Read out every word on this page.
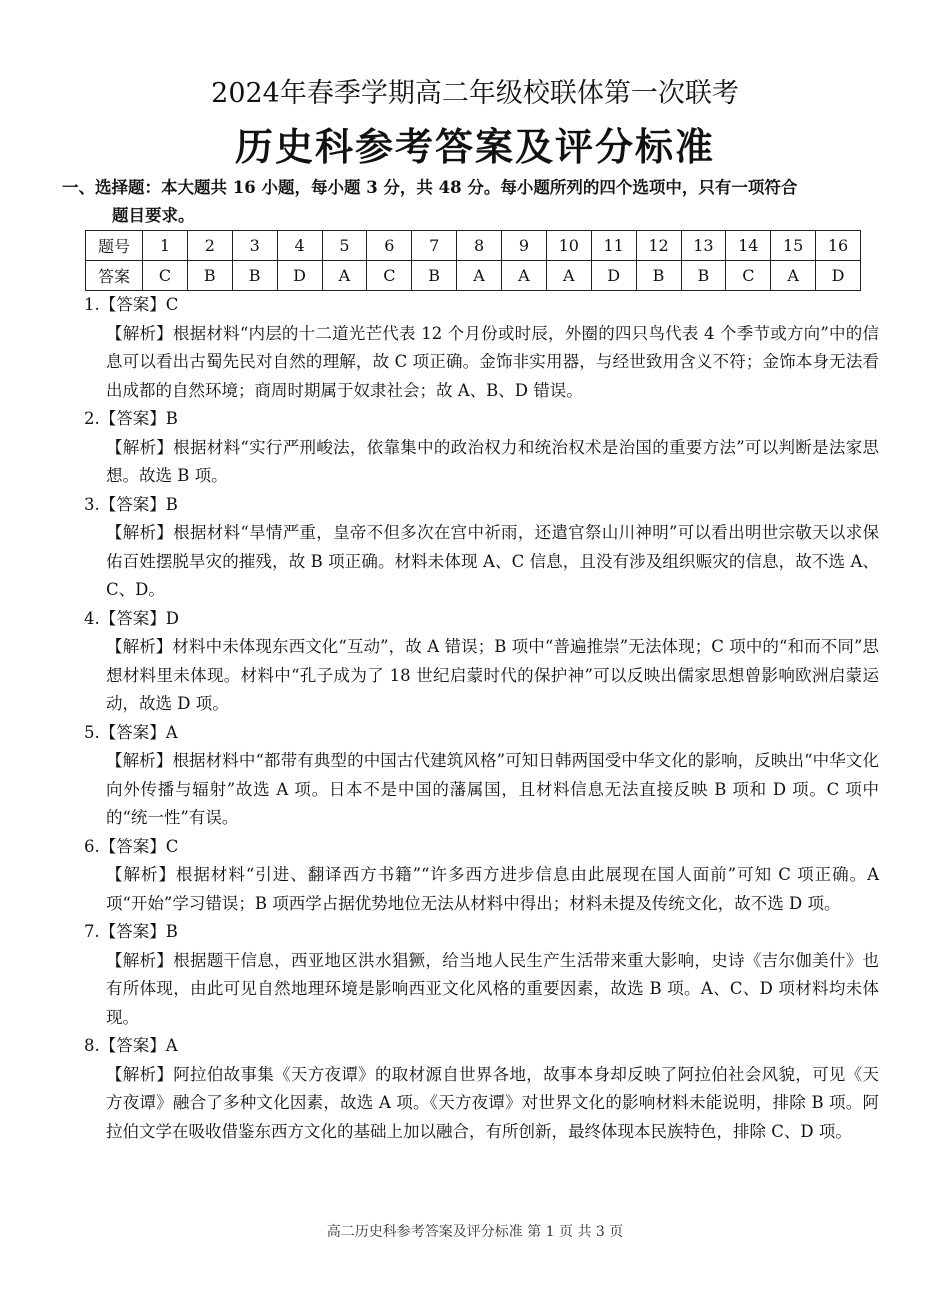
2024年春季学期高二年级校联体第一次联考
历史科参考答案及评分标准
一、选择题：本大题共 16 小题，每小题 3 分，共 48 分。每小题所列的四个选项中，只有一项符合
题目要求。
题号	1	2	3	4	5	6	7	8	9	10	11	12	13	14	15	16
答案	C	B	B	D	A	C	B	A	A	A	D	B	B	C	A	D
1.【答案】C
【解析】根据材料“内层的十二道光芒代表 12 个月份或时辰，外圈的四只鸟代表 4 个季节或方向”中的信息可以看出古蜀先民对自然的理解，故 C 项正确。金饰非实用器，与经世致用含义不符；金饰本身无法看出成都的自然环境；商周时期属于奴隶社会；故 A、B、D 错误。
2.【答案】B
【解析】根据材料“实行严刑峻法，依靠集中的政治权力和统治权术是治国的重要方法”可以判断是法家思想。故选 B 项。
3.【答案】B
【解析】根据材料“旱情严重，皇帝不但多次在宫中祈雨，还遣官祭山川神明”可以看出明世宗敬天以求保佑百姓摆脱旱灾的摧残，故 B 项正确。材料未体现 A、C 信息，且没有涉及组织赈灾的信息，故不选 A、C、D。
4.【答案】D
【解析】材料中未体现东西文化“互动”，故 A 错误；B 项中“普遍推崇”无法体现；C 项中的“和而不同”思想材料里未体现。材料中“孔子成为了 18 世纪启蒙时代的保护神”可以反映出儒家思想曾影响欧洲启蒙运动，故选 D 项。
5.【答案】A
【解析】根据材料中“都带有典型的中国古代建筑风格”可知日韩两国受中华文化的影响，反映出“中华文化向外传播与辐射”故选 A 项。日本不是中国的藩属国，且材料信息无法直接反映 B 项和 D 项。C 项中的“统一性”有误。
6.【答案】C
【解析】根据材料“引进、翻译西方书籍”“许多西方进步信息由此展现在国人面前”可知 C 项正确。A 项“开始”学习错误；B 项西学占据优势地位无法从材料中得出；材料未提及传统文化，故不选 D 项。
7.【答案】B
【解析】根据题干信息，西亚地区洪水猖獗，给当地人民生产生活带来重大影响，史诗《吉尔伽美什》也有所体现，由此可见自然地理环境是影响西亚文化风格的重要因素，故选 B 项。A、C、D 项材料均未体现。
8.【答案】A
【解析】阿拉伯故事集《天方夜谭》的取材源自世界各地，故事本身却反映了阿拉伯社会风貌，可见《天方夜谭》融合了多种文化因素，故选 A 项。《天方夜谭》对世界文化的影响材料未能说明，排除 B 项。阿拉伯文学在吸收借鉴东西方文化的基础上加以融合，有所创新，最终体现本民族特色，排除 C、D 项。
高二历史科参考答案及评分标准 第 1 页 共 3 页
